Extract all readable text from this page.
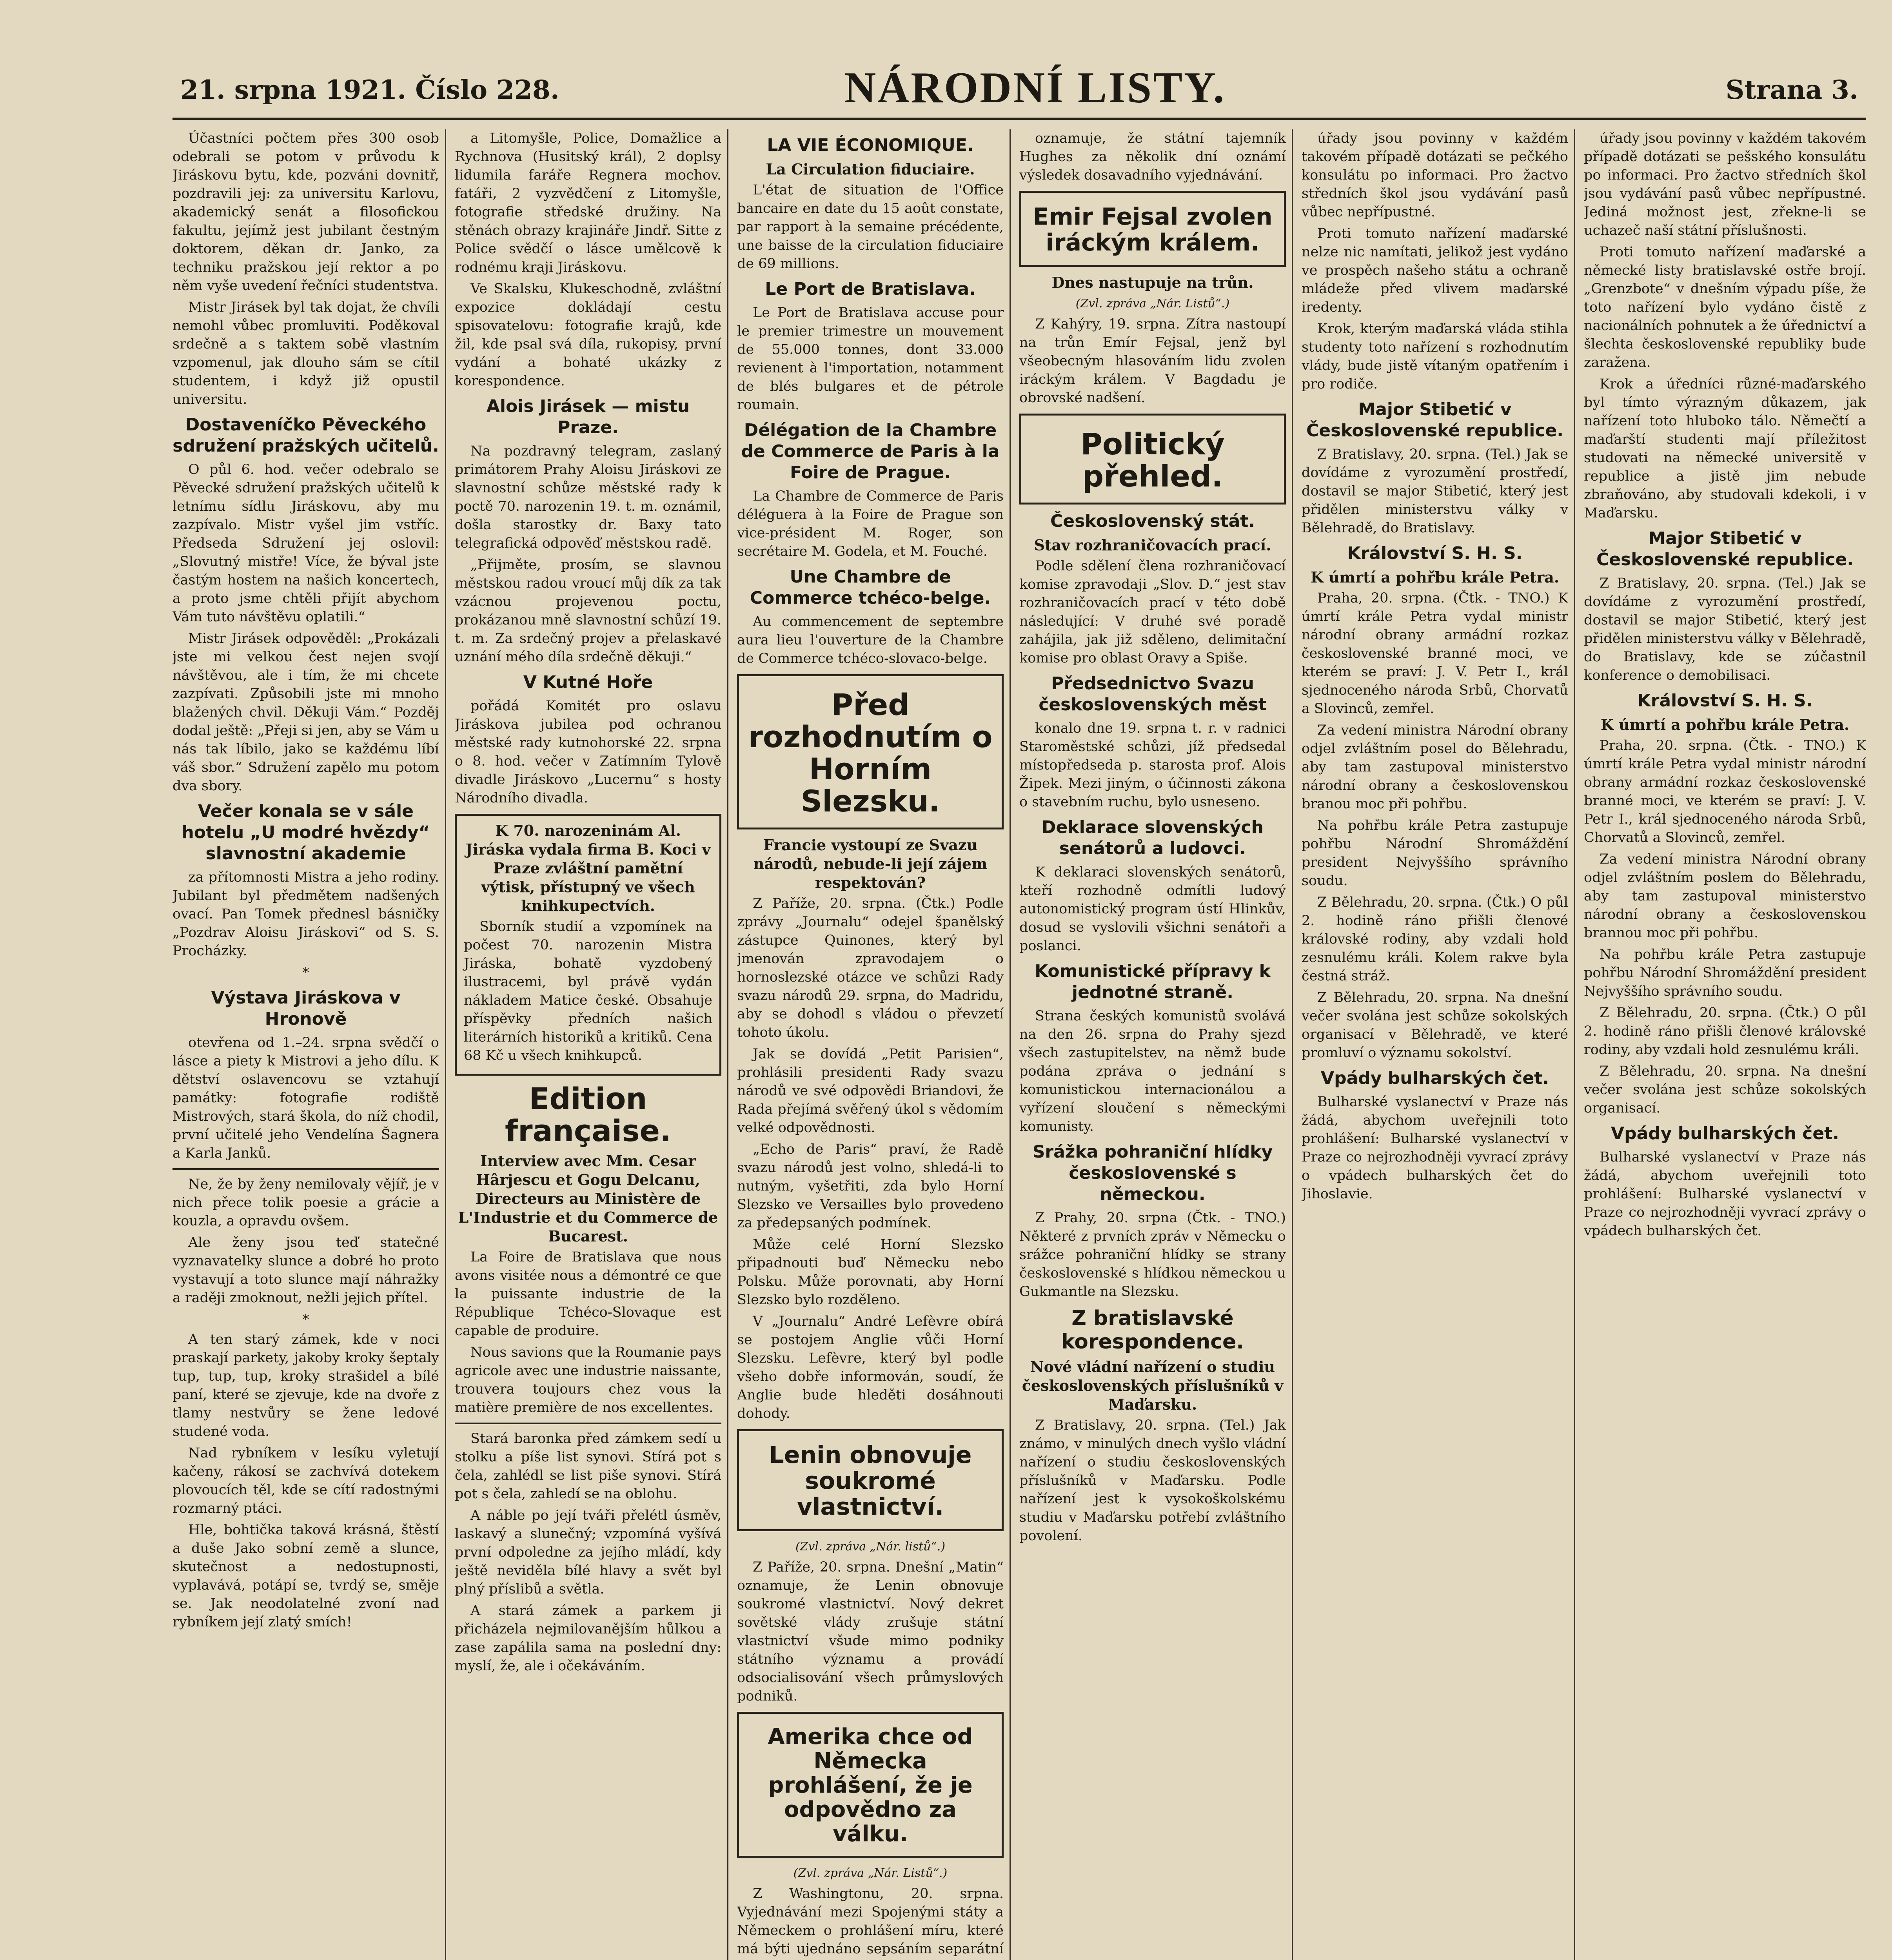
21. srpna 1921. Číslo 228.	NÁRODNÍ LISTY.	Strana 3.

Účastníci počtem přes 300 osob odebrali se potom v průvodu k Jiráskovu bytu, kde, pozváni dovnitř, pozdravili jej: za universitu Karlovu, akademický senát a filosofickou fakultu, jejímž jest jubilant čestným doktorem, děkan dr. Janko, za techniku pražskou její rektor a po něm vyše uvedení řečníci studentstva.

Mistr Jirásek byl tak dojat, že chvíli nemohl vůbec promluviti. Poděkoval srdečně a s taktem sobě vlastním vzpomenul, jak dlouho sám se cítil studentem, i když již opustil universitu.

Dostaveníčko Pěveckého sdružení pražských učitelů.

O půl 6. hod. večer odebralo se Pěvecké sdružení pražských učitelů k letnímu sídlu Jiráskovu, aby mu zazpívalo. Mistr vyšel jim vstříc. Předseda Sdružení jej oslovil: „Slovutný mistře! Více, že býval jste častým hostem na našich koncertech, a proto jsme chtěli přijít abychom Vám tuto návštěvu oplatili.“

Mistr Jirásek odpověděl: „Prokázali jste mi velkou čest nejen svojí návštěvou, ale i tím, že mi chcete zazpívati. Způsobili jste mi mnoho blažených chvil. Děkuji Vám.“ Pozděj dodal ještě: „Přeji si jen, aby se Vám u nás tak líbilo, jako se každému líbí váš sbor.“ Sdružení zapělo mu potom dva sbory.

Večer konala se v sále hotelu „U modré hvězdy“ slavnostní akademie

za přítomnosti Mistra a jeho rodiny. Jubilant byl předmětem nadšených ovací. Pan Tomek přednesl básničky „Pozdrav Aloisu Jiráskovi“ od S. S. Procházky.

*
Výstava Jiráskova v Hronově

otevřena od 1.–24. srpna svědčí o lásce a piety k Mistrovi a jeho dílu. K dětství oslavencovu se vztahují památky: fotografie rodiště Mistrových, stará škola, do níž chodil, první učitelé jeho Vendelína Šagnera a Karla Janků.

Ne, že by ženy nemilovaly vějíř, je v nich přece tolik poesie a grácie a kouzla, a opravdu ovšem.

Ale ženy jsou teď statečné vyznavatelky slunce a dobré ho proto vystavují a toto slunce mají náhražky a raději zmoknout, nežli jejich přítel.

*

A ten starý zámek, kde v noci praskají parkety, jakoby kroky šeptaly tup, tup, tup, kroky strašidel a bílé paní, které se zjevuje, kde na dvoře z tlamy nestvůry se žene ledové studené voda.

Nad rybníkem v lesíku vyletují kačeny, rákosí se zachvívá dotekem plovoucích těl, kde se cítí radostnými rozmarný ptáci.

Hle, bohtička taková krásná, štěstí a duše Jako sobní země a slunce, skutečnost a nedostupnosti, vyplavává, potápí se, tvrdý se, směje se. Jak neodolatelné zvoní nad rybníkem její zlatý smích!

a Litomyšle, Police, Domažlice a Rychnova (Husitský král), 2 doplsy lidumila faráře Regnera mochov. fatáři, 2 vyzvědčení z Litomyšle, fotografie středské družiny. Na stěnách obrazy krajináře Jindř. Sitte z Police svědčí o lásce umělcově k rodnému kraji Jiráskovu.

Ve Skalsku, Klukeschodně, zvláštní expozice dokládají cestu spisovatelovu: fotografie krajů, kde žil, kde psal svá díla, rukopisy, první vydání a bohaté ukázky z korespondence.

Alois Jirásek — mistu Praze.

Na pozdravný telegram, zaslaný primátorem Prahy Aloisu Jiráskovi ze slavnostní schůze městské rady k poctě 70. narozenin 19. t. m. oznámil, došla starostky dr. Baxy tato telegrafická odpověď městskou radě.

„Přijměte, prosím, se slavnou městskou radou vroucí můj dík za tak vzácnou projevenou poctu, prokázanou mně slavnostní schůzí 19. t. m. Za srdečný projev a přelaskavé uznání mého díla srdečně děkuji.“

V Kutné Hoře

pořádá Komitét pro oslavu Jiráskova jubilea pod ochranou městské rady kutnohorské 22. srpna o 8. hod. večer v Zatímním Tylově divadle Jiráskovo „Lucernu“ s hosty Národního divadla.

K 70. narozeninám Al. Jiráska vydala firma B. Koci v Praze zvláštní pamětní výtisk, přístupný ve všech knihkupectvích.

Sborník studií a vzpomínek na počest 70. narozenin Mistra Jiráska, bohatě vyzdobený ilustracemi, byl právě vydán nákladem Matice české. Obsahuje příspěvky předních našich literárních historiků a kritiků. Cena 68 Kč u všech knihkupců.

Edition française.
Interview avec Mm. Cesar Hârjescu et Gogu Delcanu, Directeurs au Ministère de L'Industrie et du Commerce de Bucarest.

La Foire de Bratislava que nous avons visitée nous a démontré ce que la puissante industrie de la République Tchéco-Slovaque est capable de produire.

Nous savions que la Roumanie pays agricole avec une industrie naissante, trouvera toujours chez vous la matière première de nos excellentes.

Stará baronka před zámkem sedí u stolku a píše list synovi. Stírá pot s čela, zahlédl se list piše synovi. Stírá pot s čela, zahledí se na oblohu.

A náble po její tváři přelétl úsměv, laskavý a slunečný; vzpomíná vyšívá první odpoledne za jejího mládí, kdy ještě neviděla bílé hlavy a svět byl plný příslibů a světla.

A stará zámek a parkem ji přicházela nejmilovanějším hůlkou a zase zapálila sama na poslední dny: myslí, že, ale i očekáváním.

LA VIE ÉCONOMIQUE.
La Circulation fiduciaire.

L'état de situation de l'Office bancaire en date du 15 août constate, par rapport à la semaine précédente, une baisse de la circulation fiduciaire de 69 millions.

Le Port de Bratislava.

Le Port de Bratislava accuse pour le premier trimestre un mouvement de 55.000 tonnes, dont 33.000 revienent à l'importation, notamment de blés bulgares et de pétrole roumain.

Délégation de la Chambre de Commerce de Paris à la Foire de Prague.

La Chambre de Commerce de Paris déléguera à la Foire de Prague son vice-président M. Roger, son secrétaire M. Godela, et M. Fouché.

Une Chambre de Commerce tchéco-belge.

Au commencement de septembre aura lieu l'ouverture de la Chambre de Commerce tchéco-slovaco-belge.

Před rozhodnutím o Horním Slezsku.
Francie vystoupí ze Svazu národů, nebude-li její zájem respektován?

Z Paříže, 20. srpna. (Čtk.) Podle zprávy „Journalu“ odejel španělský zástupce Quinones, který byl jmenován zpravodajem o hornoslezské otázce ve schůzi Rady svazu národů 29. srpna, do Madridu, aby se dohodl s vládou o převzetí tohoto úkolu.

Jak se dovídá „Petit Parisien“, prohlásili presidenti Rady svazu národů ve své odpovědi Briandovi, že Rada přejímá svěřený úkol s vědomím velké odpovědnosti.

„Echo de Paris“ praví, že Radě svazu národů jest volno, shledá-li to nutným, vyšetřiti, zda bylo Horní Slezsko ve Versailles bylo provedeno za předepsaných podmínek.

Může celé Horní Slezsko připadnouti buď Německu nebo Polsku. Může porovnati, aby Horní Slezsko bylo rozděleno.

V „Journalu“ André Lefèvre obírá se postojem Anglie vůči Horní Slezsku. Lefèvre, který byl podle všeho dobře informován, soudí, že Anglie bude hleděti dosáhnouti dohody.

Lenin obnovuje soukromé vlastnictví.
(Zvl. zpráva „Nár. listů“.)

Z Paříže, 20. srpna. Dnešní „Matin“ oznamuje, že Lenin obnovuje soukromé vlastnictví. Nový dekret sovětské vlády zrušuje státní vlastnictví všude mimo podniky státního významu a provádí odsocialisování všech průmyslových podniků.

Amerika chce od Německa prohlášení, že je odpovědno za válku.
(Zvl. zpráva „Nár. Listů“.)

Z Washingtonu, 20. srpna. Vyjednávání mezi Spojenými státy a Německem o prohlášení míru, které má býti ujednáno sepsáním separátní

oznamuje, že státní tajemník Hughes za několik dní oznámí výsledek dosavadního vyjednávání.

Emir Fejsal zvolen iráckým králem.
Dnes nastupuje na trůn.
(Zvl. zpráva „Nár. Listů“.)

Z Kahýry, 19. srpna. Zítra nastoupí na trůn Emír Fejsal, jenž byl všeobecným hlasováním lidu zvolen iráckým králem. V Bagdadu je obrovské nadšení.

Politický přehled.
Československý stát.
Stav rozhraničovacích prací.

Podle sdělení člena rozhraničovací komise zpravodaji „Slov. D.“ jest stav rozhraničovacích prací v této době následující: V druhé své poradě zahájila, jak již sděleno, delimitační komise pro oblast Oravy a Spiše.

Předsednictvo Svazu československých měst

konalo dne 19. srpna t. r. v radnici Staroměstské schůzi, jíž předsedal místopředseda p. starosta prof. Alois Žipek. Mezi jiným, o účinnosti zákona o stavebním ruchu, bylo usneseno.

Deklarace slovenských senátorů a ludovci.

K deklaraci slovenských senátorů, kteří rozhodně odmítli ludový autonomistický program ústí Hlinkův, dosud se vyslovili všichni senátoři a poslanci.

Komunistické přípravy k jednotné straně.

Strana českých komunistů svolává na den 26. srpna do Prahy sjezd všech zastupitelstev, na němž bude podána zpráva o jednání s komunistickou internacionálou a vyřízení sloučení s německými komunisty.

Srážka pohraniční hlídky československé s německou.

Z Prahy, 20. srpna (Čtk. - TNO.) Některé z prvních zpráv v Německu o srážce pohraniční hlídky se strany československé s hlídkou německou u Gukmantle na Slezsku.

Z bratislavské korespondence.
Nové vládní nařízení o studiu československých příslušníků v Maďarsku.

Z Bratislavy, 20. srpna. (Tel.) Jak známo, v minulých dnech vyšlo vládní nařízení o studiu československých příslušníků v Maďarsku. Podle nařízení jest k vysokoškolskému studiu v Maďarsku potřebí zvláštního povolení.

úřady jsou povinny v každém takovém případě dotázati se pečkého konsulátu po informaci. Pro žactvo středních škol jsou vydávání pasů vůbec nepřípustné.

Proti tomuto nařízení maďarské nelze nic namítati, jelikož jest vydáno ve prospěch našeho státu a ochraně mládeže před vlivem maďarské iredenty.

Krok, kterým maďarská vláda stihla studenty toto nařízení s rozhodnutím vlády, bude jistě vítaným opatřením i pro rodiče.

Major Stibetić v Československé republice.

Z Bratislavy, 20. srpna. (Tel.) Jak se dovídáme z vyrozumění prostředí, dostavil se major Stibetić, který jest přidělen ministerstvu války v Bělehradě, do Bratislavy.

Království S. H. S.
K úmrtí a pohřbu krále Petra.

Praha, 20. srpna. (Čtk. - TNO.) K úmrtí krále Petra vydal ministr národní obrany armádní rozkaz československé branné moci, ve kterém se praví: J. V. Petr I., král sjednoceného národa Srbů, Chorvatů a Slovinců, zemřel.

Za vedení ministra Národní obrany odjel zvláštním posel do Bělehradu, aby tam zastupoval ministerstvo národní obrany a československou branou moc při pohřbu.

Na pohřbu krále Petra zastupuje pohřbu Národní Shromáždění president Nejvyššího správního soudu.

Z Bělehradu, 20. srpna. (Čtk.) O půl 2. hodině ráno přišli členové královské rodiny, aby vzdali hold zesnulému králi. Kolem rakve byla čestná stráž.

Z Bělehradu, 20. srpna. Na dnešní večer svolána jest schůze sokolských organisací v Bělehradě, ve které promluví o významu sokolství.

Vpády bulharských čet.

Bulharské vyslanectví v Praze nás žádá, abychom uveřejnili toto prohlášení: Bulharské vyslanectví v Praze co nejrozhodněji vyvrací zprávy o vpádech bulharských čet do Jihoslavie.

úřady jsou povinny v každém takovém případě dotázati se pešského konsulátu po informaci. Pro žactvo středních škol jsou vydávání pasů vůbec nepřípustné. Jediná možnost jest, zřekne-li se uchazeč naší státní příslušnosti.

Proti tomuto nařízení maďarské a německé listy bratislavské ostře brojí. „Grenzbote“ v dnešním výpadu píše, že toto nařízení bylo vydáno čistě z nacionálních pohnutek a že úřednictví a šlechta československé republiky bude zaražena.

Krok a úředníci různé-maďarského byl tímto výrazným důkazem, jak nařízení toto hluboko tálo. Němečtí a maďarští studenti mají příležitost studovati na německé universitě v republice a jistě jim nebude zbraňováno, aby studovali kdekoli, i v Maďarsku.

Major Stibetić v Československé republice.

Z Bratislavy, 20. srpna. (Tel.) Jak se dovídáme z vyrozumění prostředí, dostavil se major Stibetić, který jest přidělen ministerstvu války v Bělehradě, do Bratislavy, kde se zúčastnil konference o demobilisaci.

Království S. H. S.
K úmrtí a pohřbu krále Petra.

Praha, 20. srpna. (Čtk. - TNO.) K úmrtí krále Petra vydal ministr národní obrany armádní rozkaz československé branné moci, ve kterém se praví: J. V. Petr I., král sjednoceného národa Srbů, Chorvatů a Slovinců, zemřel.

Za vedení ministra Národní obrany odjel zvláštním poslem do Bělehradu, aby tam zastupoval ministerstvo národní obrany a československou brannou moc při pohřbu.

Na pohřbu krále Petra zastupuje pohřbu Národní Shromáždění president Nejvyššího správního soudu.

Z Bělehradu, 20. srpna. (Čtk.) O půl 2. hodině ráno přišli členové královské rodiny, aby vzdali hold zesnulému králi.

Z Bělehradu, 20. srpna. Na dnešní večer svolána jest schůze sokolských organisací.

Vpády bulharských čet.

Bulharské vyslanectví v Praze nás žádá, abychom uveřejnili toto prohlášení: Bulharské vyslanectví v Praze co nejrozhodněji vyvrací zprávy o vpádech bulharských čet.
